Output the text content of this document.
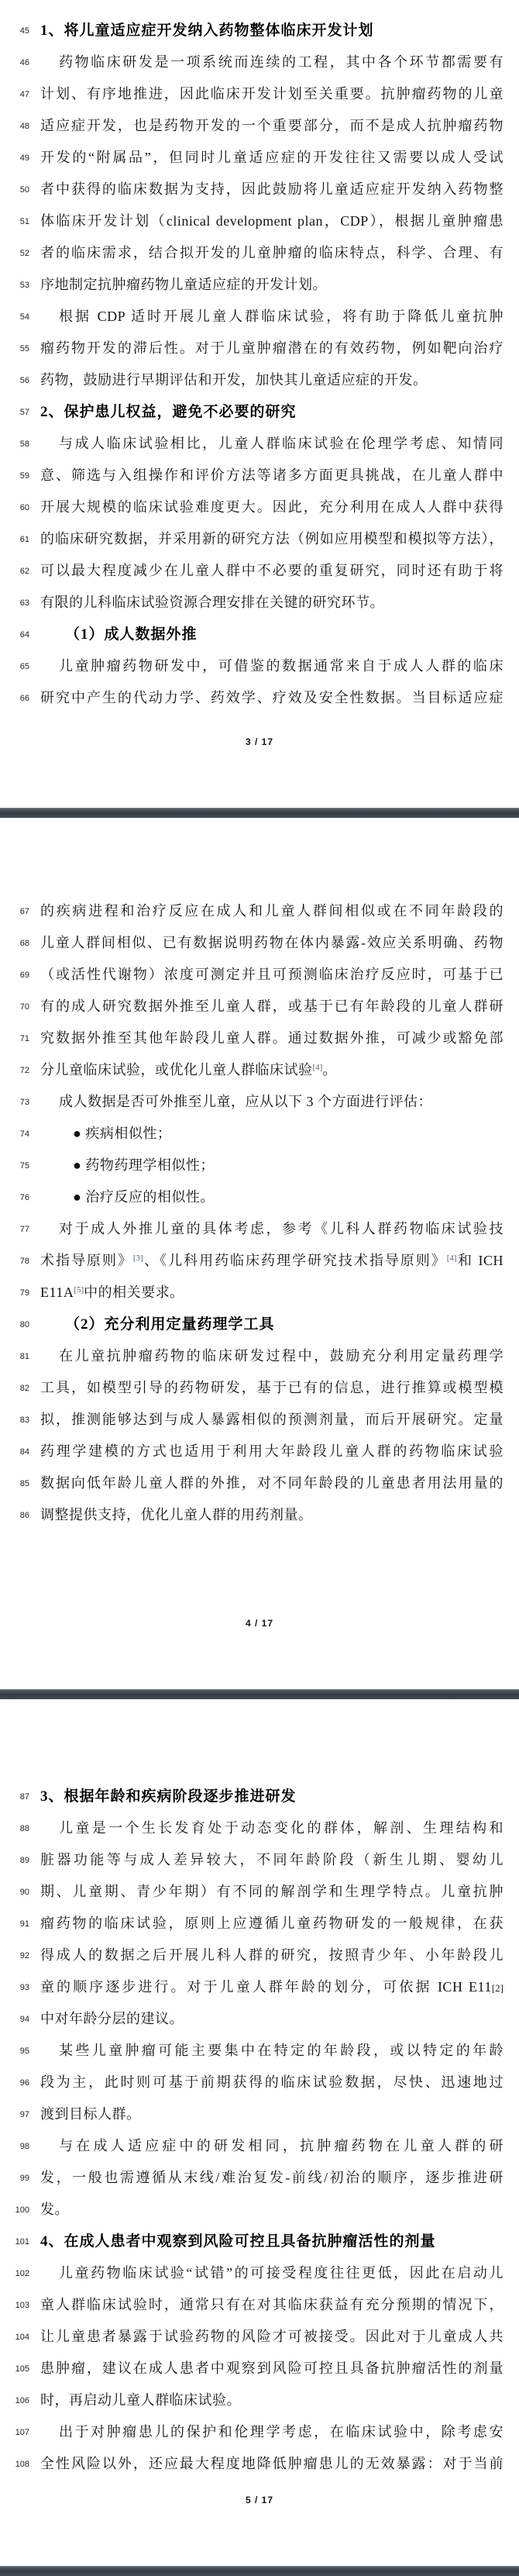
45 1、将儿童适应症开发纳入药物整体临床开发计划
46	药物临床研发是一项系统而连续的工程，其中各个环节都需要有
47 计划、有序地推进，因此临床开发计划至关重要。抗肿瘤药物的儿童
48 适应症开发，也是药物开发的一个重要部分，而不是成人抗肿瘤药物
49 开发的“附属品”，但同时儿童适应症的开发往往又需要以成人受试
50 者中获得的临床数据为支持，因此鼓励将儿童适应症开发纳入药物整
51 体临床开发计划（clinical development plan，CDP），根据儿童肿瘤患
52 者的临床需求，结合拟开发的儿童肿瘤的临床特点，科学、合理、有
53 序地制定抗肿瘤药物儿童适应症的开发计划。
54	根据 CDP 适时开展儿童人群临床试验，将有助于降低儿童抗肿
55 瘤药物开发的滞后性。对于儿童肿瘤潜在的有效药物，例如靶向治疗
56 药物，鼓励进行早期评估和开发，加快其儿童适应症的开发。
57 2、保护患儿权益，避免不必要的研究
58	与成人临床试验相比，儿童人群临床试验在伦理学考虑、知情同
59 意、筛选与入组操作和评价方法等诸多方面更具挑战，在儿童人群中
60 开展大规模的临床试验难度更大。因此，充分利用在成人人群中获得
61 的临床研究数据，并采用新的研究方法（例如应用模型和模拟等方法），
62 可以最大程度减少在儿童人群中不必要的重复研究，同时还有助于将
63 有限的儿科临床试验资源合理安排在关键的研究环节。
64	（1）成人数据外推
65	儿童肿瘤药物研发中，可借鉴的数据通常来自于成人人群的临床
66 研究中产生的代动力学、药效学、疗效及安全性数据。当目标适应症
3 / 17
67 的疾病进程和治疗反应在成人和儿童人群间相似或在不同年龄段的
68 儿童人群间相似、已有数据说明药物在体内暴露-效应关系明确、药物
69 （或活性代谢物）浓度可测定并且可预测临床治疗反应时，可基于已
70 有的成人研究数据外推至儿童人群，或基于已有年龄段的儿童人群研
71 究数据外推至其他年龄段儿童人群。通过数据外推，可减少或豁免部
72 分儿童临床试验，或优化儿童人群临床试验[4]。
73	成人数据是否可外推至儿童，应从以下 3 个方面进行评估：
74	● 疾病相似性；
75	● 药物药理学相似性；
76	● 治疗反应的相似性。
77	对于成人外推儿童的具体考虑，参考《儿科人群药物临床试验技
78 术指导原则》[3]、《儿科用药临床药理学研究技术指导原则》[4]和 ICH
79 E11A[5]中的相关要求。
80	（2）充分利用定量药理学工具
81	在儿童抗肿瘤药物的临床研发过程中，鼓励充分利用定量药理学
82 工具，如模型引导的药物研发，基于已有的信息，进行推算或模型模
83 拟，推测能够达到与成人暴露相似的预测剂量，而后开展研究。定量
84 药理学建模的方式也适用于利用大年龄段儿童人群的药物临床试验
85 数据向低年龄儿童人群的外推，对不同年龄段的儿童患者用法用量的
86 调整提供支持，优化儿童人群的用药剂量。
4 / 17
87 3、根据年龄和疾病阶段逐步推进研发
88	儿童是一个生长发育处于动态变化的群体，解剖、生理结构和
89 脏器功能等与成人差异较大，不同年龄阶段（新生儿期、婴幼儿
90 期、儿童期、青少年期）有不同的解剖学和生理学特点。儿童抗肿
91 瘤药物的临床试验，原则上应遵循儿童药物研发的一般规律，在获
92 得成人的数据之后开展儿科人群的研究，按照青少年、小年龄段儿
93 童的顺序逐步进行。对于儿童人群年龄的划分，可依据 ICH E11[2]
94 中对年龄分层的建议。
95	某些儿童肿瘤可能主要集中在特定的年龄段，或以特定的年龄
96 段为主，此时则可基于前期获得的临床试验数据，尽快、迅速地过
97 渡到目标人群。
98	与在成人适应症中的研发相同，抗肿瘤药物在儿童人群的研
99 发，一般也需遵循从末线/难治复发-前线/初治的顺序，逐步推进研
100 发。
101 4、在成人患者中观察到风险可控且具备抗肿瘤活性的剂量
102	儿童药物临床试验“试错”的可接受程度往往更低，因此在启动儿
103 童人群临床试验时，通常只有在对其临床获益有充分预期的情况下，
104 让儿童患者暴露于试验药物的风险才可被接受。因此对于儿童成人共
105 患肿瘤，建议在成人患者中观察到风险可控且具备抗肿瘤活性的剂量
106 时，再启动儿童人群临床试验。
107	出于对肿瘤患儿的保护和伦理学考虑，在临床试验中，除考虑安
108 全性风险以外，还应最大程度地降低肿瘤患儿的无效暴露：对于当前
5 / 17
